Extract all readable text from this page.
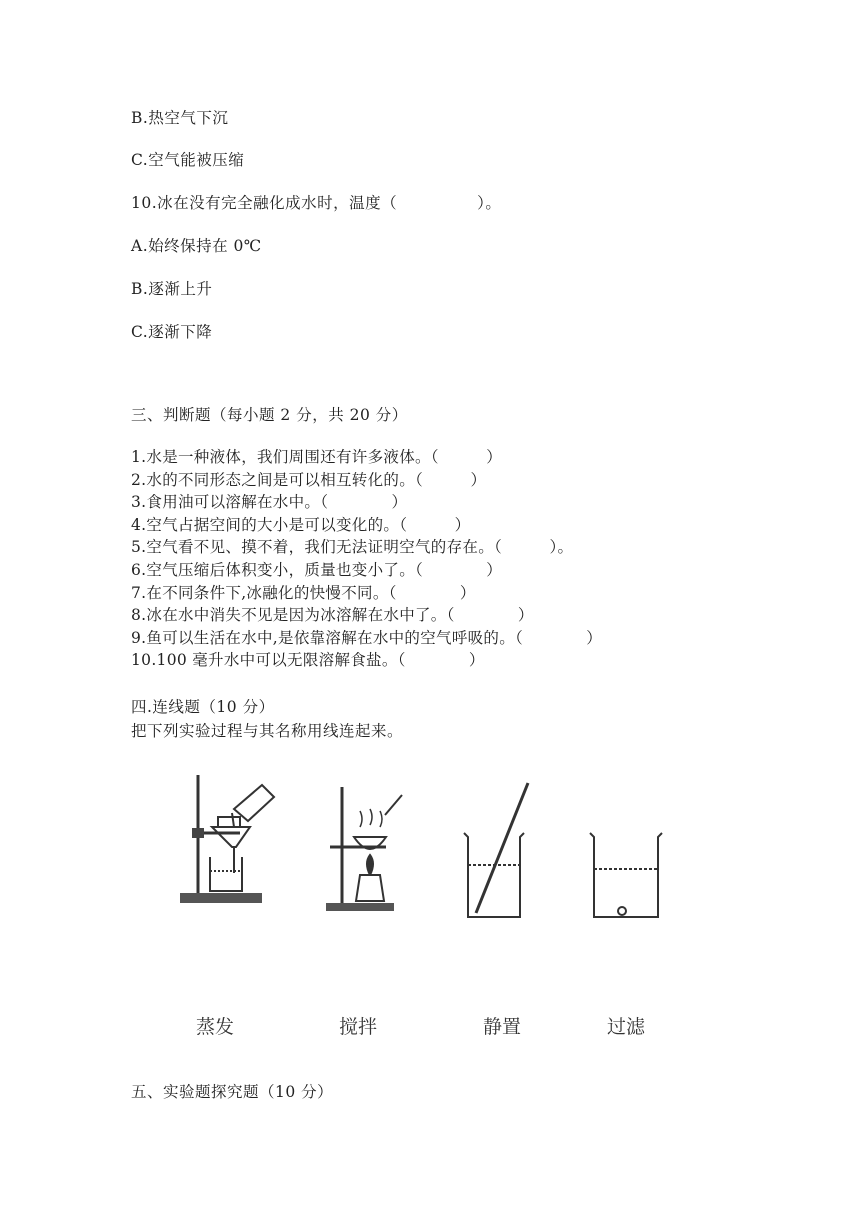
B.热空气下沉
C.空气能被压缩
10.冰在没有完全融化成水时，温度（　　　　　）。
A.始终保持在 0℃
B.逐渐上升
C.逐渐下降
三、判断题（每小题 2 分，共 20 分）
1.水是一种液体，我们周围还有许多液体。（　　　）
2.水的不同形态之间是可以相互转化的。（　　　）
3.食用油可以溶解在水中。（　　　　）
4.空气占据空间的大小是可以变化的。（　　　）
5.空气看不见、摸不着，我们无法证明空气的存在。（　　　）。
6.空气压缩后体积变小，质量也变小了。（　　　　）
7.在不同条件下,冰融化的快慢不同。（　　　　）
8.冰在水中消失不见是因为冰溶解在水中了。（　　　　）
9.鱼可以生活在水中,是依靠溶解在水中的空气呼吸的。（　　　　）
10.100 毫升水中可以无限溶解食盐。（　　　　）
四.连线题（10 分）
把下列实验过程与其名称用线连起来。
蒸发	搅拌	静置	过滤
五、实验题探究题（10 分）
